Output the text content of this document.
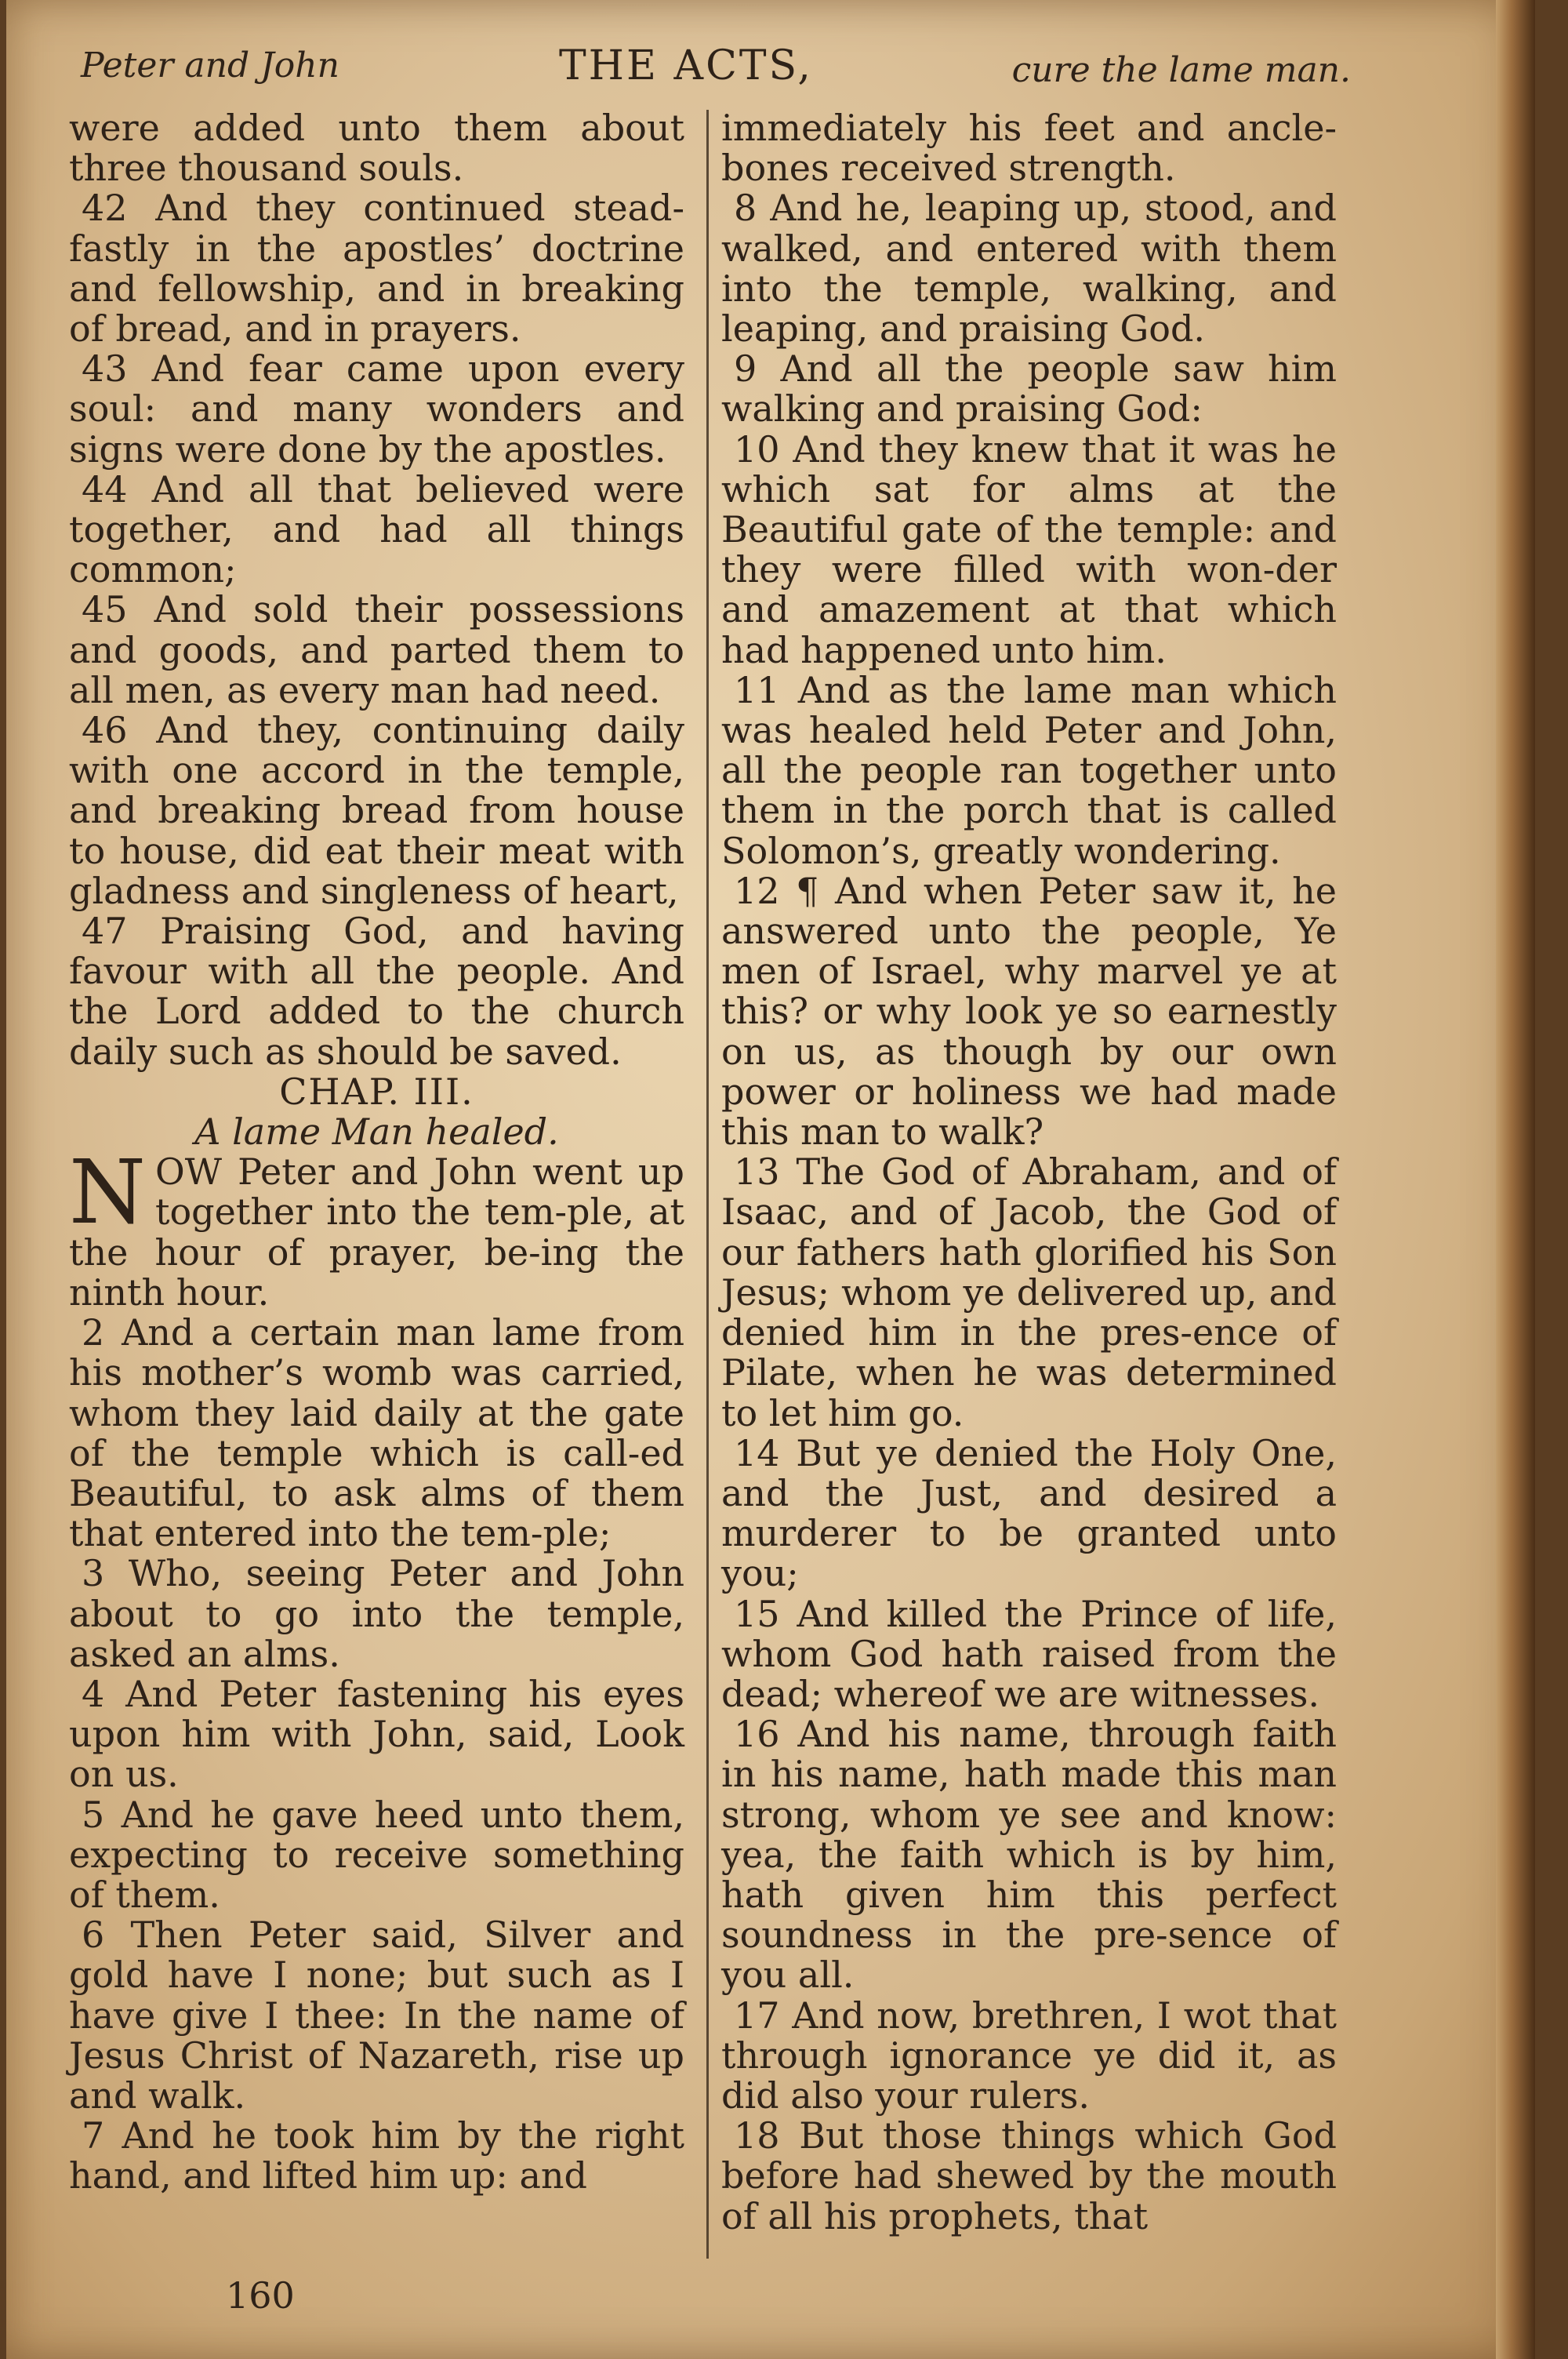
Peter and John	THE ACTS,	cure the lame man.

were added unto them about three thousand souls.

42 And they continued stead-fastly in the apostles’ doctrine and fellowship, and in breaking of bread, and in prayers.

43 And fear came upon every soul: and many wonders and signs were done by the apostles.

44 And all that believed were together, and had all things common;

45 And sold their possessions and goods, and parted them to all men, as every man had need.

46 And they, continuing daily with one accord in the temple, and breaking bread from house to house, did eat their meat with gladness and singleness of heart,

47 Praising God, and having favour with all the people. And the Lord added to the church daily such as should be saved.

CHAP. III.

A lame Man healed.

N OW Peter and John went up together into the tem-ple, at the hour of prayer, be-ing the ninth hour.

2 And a certain man lame from his mother’s womb was carried, whom they laid daily at the gate of the temple which is call-ed Beautiful, to ask alms of them that entered into the tem-ple;

3 Who, seeing Peter and John about to go into the temple, asked an alms.

4 And Peter fastening his eyes upon him with John, said, Look on us.

5 And he gave heed unto them, expecting to receive something of them.

6 Then Peter said, Silver and gold have I none; but such as I have give I thee: In the name of Jesus Christ of Nazareth, rise up and walk.

7 And he took him by the right hand, and lifted him up: and

immediately his feet and ancle-bones received strength.

8 And he, leaping up, stood, and walked, and entered with them into the temple, walking, and leaping, and praising God.

9 And all the people saw him walking and praising God:

10 And they knew that it was he which sat for alms at the Beautiful gate of the temple: and they were filled with won-der and amazement at that which had happened unto him.

11 And as the lame man which was healed held Peter and John, all the people ran together unto them in the porch that is called Solomon’s, greatly wondering.

12 ¶ And when Peter saw it, he answered unto the people, Ye men of Israel, why marvel ye at this? or why look ye so earnestly on us, as though by our own power or holiness we had made this man to walk?

13 The God of Abraham, and of Isaac, and of Jacob, the God of our fathers hath glorified his Son Jesus; whom ye delivered up, and denied him in the pres-ence of Pilate, when he was determined to let him go.

14 But ye denied the Holy One, and the Just, and desired a murderer to be granted unto you;

15 And killed the Prince of life, whom God hath raised from the dead; whereof we are witnesses.

16 And his name, through faith in his name, hath made this man strong, whom ye see and know: yea, the faith which is by him, hath given him this perfect soundness in the pre-sence of you all.

17 And now, brethren, I wot that through ignorance ye did it, as did also your rulers.

18 But those things which God before had shewed by the mouth of all his prophets, that

160
